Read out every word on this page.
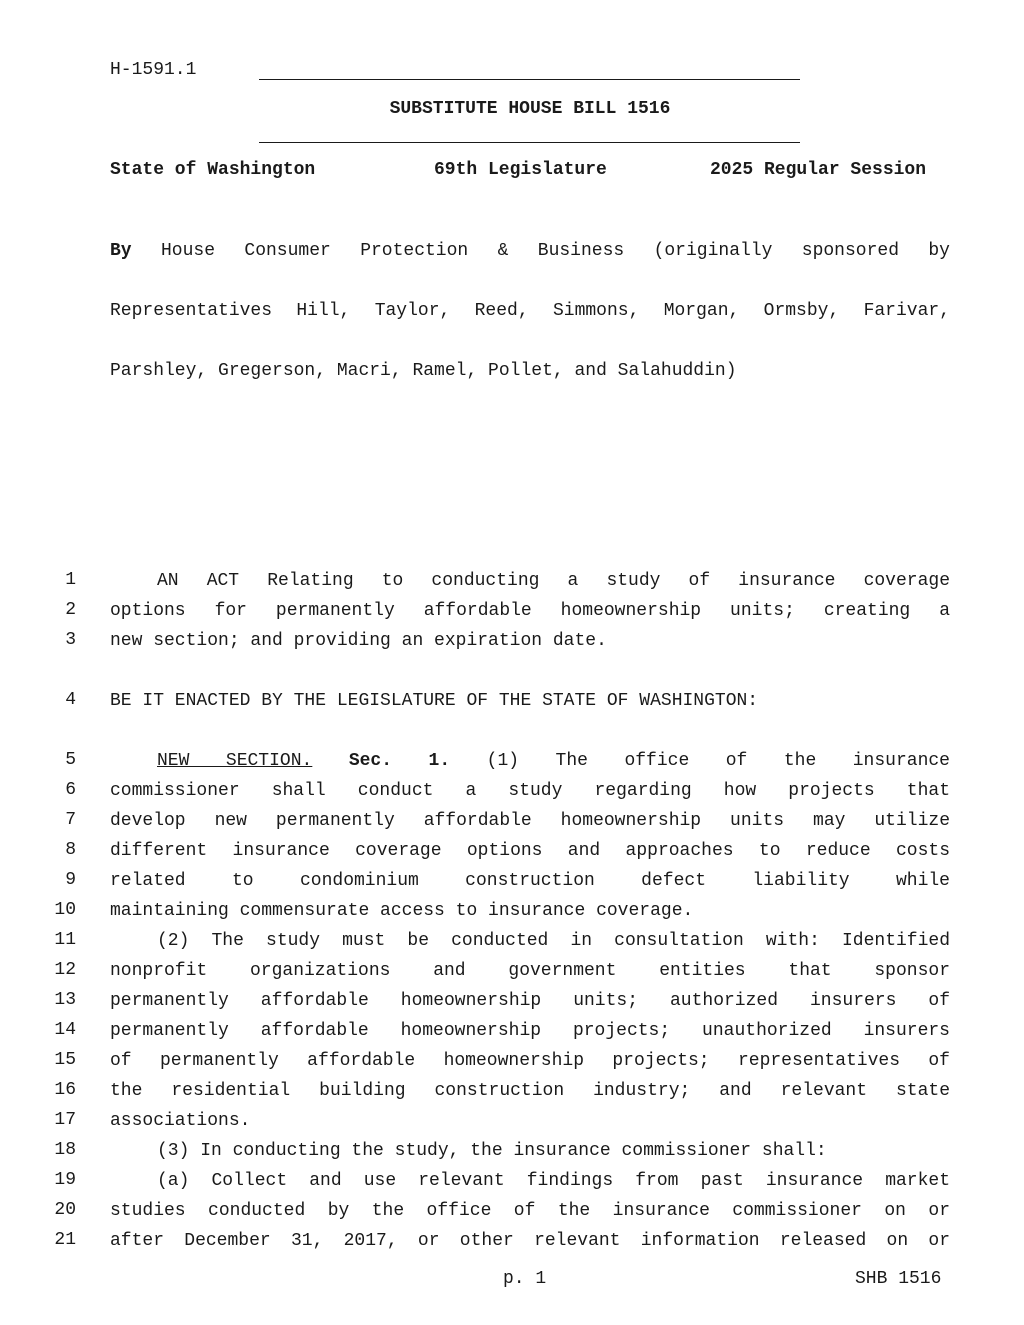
H-1591.1
SUBSTITUTE HOUSE BILL 1516
State of Washington	69th Legislature	2025 Regular Session

By House Consumer Protection & Business (originally sponsored by

Representatives Hill, Taylor, Reed, Simmons, Morgan, Ormsby, Farivar,

Parshley, Gregerson, Macri, Ramel, Pollet, and Salahuddin)

1	AN ACT Relating to conducting a study of insurance coverage
2 options for permanently affordable homeownership units; creating a
3 new section; and providing an expiration date.
4 BE IT ENACTED BY THE LEGISLATURE OF THE STATE OF WASHINGTON:
5	NEW SECTION. Sec. 1. (1) The office of the insurance
6 commissioner shall conduct a study regarding how projects that
7 develop new permanently affordable homeownership units may utilize
8 different insurance coverage options and approaches to reduce costs
9 related to condominium construction defect liability while
10 maintaining commensurate access to insurance coverage.
11	(2) The study must be conducted in consultation with: Identified
12 nonprofit organizations and government entities that sponsor
13 permanently affordable homeownership units; authorized insurers of
14 permanently affordable homeownership projects; unauthorized insurers
15 of permanently affordable homeownership projects; representatives of
16 the residential building construction industry; and relevant state
17 associations.
18	(3) In conducting the study, the insurance commissioner shall:
19	(a) Collect and use relevant findings from past insurance market
20 studies conducted by the office of the insurance commissioner on or
21 after December 31, 2017, or other relevant information released on or
p. 1	SHB 1516
